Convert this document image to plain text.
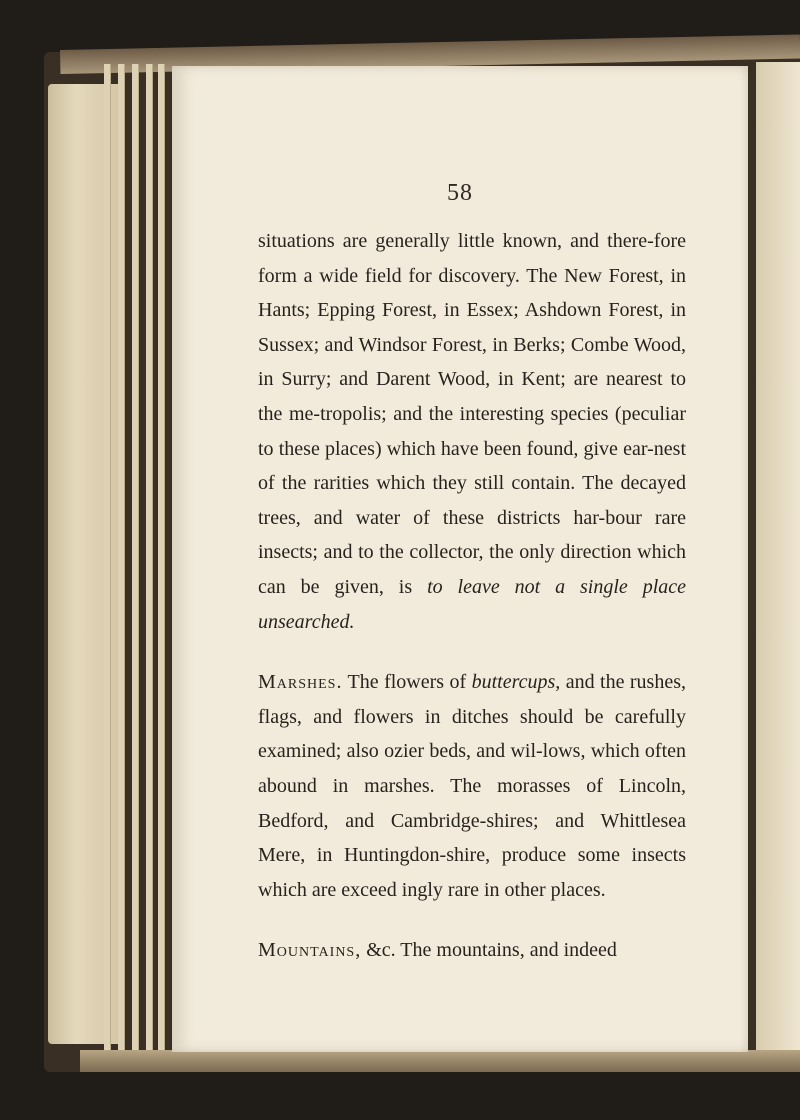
58

situations are generally little known, and there-fore form a wide field for discovery. The New Forest, in Hants; Epping Forest, in Essex; Ashdown Forest, in Sussex; and Windsor Forest, in Berks; Combe Wood, in Surry; and Darent Wood, in Kent; are nearest to the me-tropolis; and the interesting species (peculiar to these places) which have been found, give ear-nest of the rarities which they still contain. The decayed trees, and water of these districts har-bour rare insects; and to the collector, the only direction which can be given, is to leave not a single place unsearched.

Marshes. The flowers of buttercups, and the rushes, flags, and flowers in ditches should be carefully examined; also ozier beds, and wil-lows, which often abound in marshes. The morasses of Lincoln, Bedford, and Cambridge-shires; and Whittlesea Mere, in Huntingdon-shire, produce some insects which are exceed ingly rare in other places.

Mountains, &c. The mountains, and indeed
